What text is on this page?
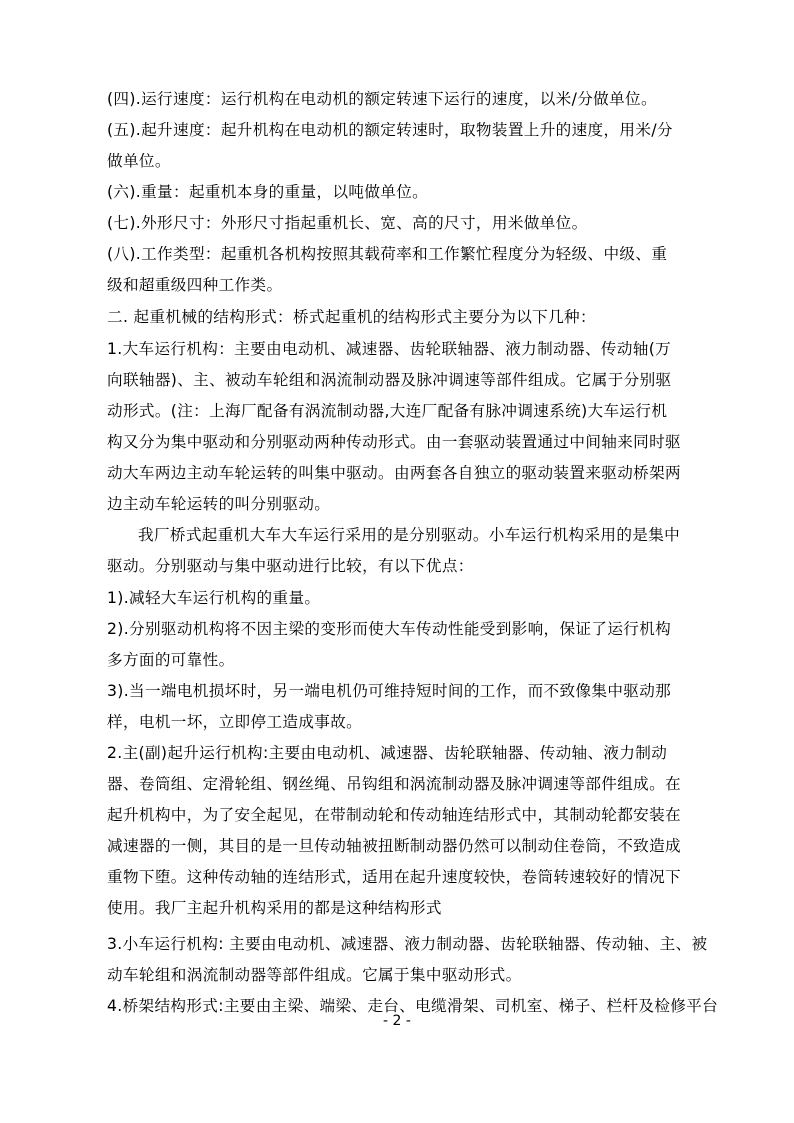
(四).运行速度：运行机构在电动机的额定转速下运行的速度，以米/分做单位。
(五).起升速度：起升机构在电动机的额定转速时，取物装置上升的速度，用米/分
做单位。
(六).重量：起重机本身的重量，以吨做单位。
(七).外形尺寸：外形尺寸指起重机长、宽、高的尺寸，用米做单位。
(八).工作类型：起重机各机构按照其载荷率和工作繁忙程度分为轻级、中级、重
级和超重级四种工作类。
二. 起重机械的结构形式：桥式起重机的结构形式主要分为以下几种：
1.大车运行机构：主要由电动机、减速器、齿轮联轴器、液力制动器、传动轴(万
向联轴器)、主、被动车轮组和涡流制动器及脉冲调速等部件组成。它属于分别驱
动形式。(注：上海厂配备有涡流制动器,大连厂配备有脉冲调速系统)大车运行机
构又分为集中驱动和分别驱动两种传动形式。由一套驱动装置通过中间轴来同时驱
动大车两边主动车轮运转的叫集中驱动。由两套各自独立的驱动装置来驱动桥架两
边主动车轮运转的叫分别驱动。
我厂桥式起重机大车大车运行采用的是分别驱动。小车运行机构采用的是集中
驱动。分别驱动与集中驱动进行比较，有以下优点：
1).减轻大车运行机构的重量。
2).分别驱动机构将不因主梁的变形而使大车传动性能受到影响，保证了运行机构
多方面的可靠性。
3).当一端电机损坏时，另一端电机仍可维持短时间的工作，而不致像集中驱动那
样，电机一坏，立即停工造成事故。
2.主(副)起升运行机构:主要由电动机、减速器、齿轮联轴器、传动轴、液力制动
器、卷筒组、定滑轮组、钢丝绳、吊钩组和涡流制动器及脉冲调速等部件组成。在
起升机构中，为了安全起见，在带制动轮和传动轴连结形式中，其制动轮都安装在
减速器的一侧，其目的是一旦传动轴被扭断制动器仍然可以制动住卷筒，不致造成
重物下堕。这种传动轴的连结形式，适用在起升速度较快，卷筒转速较好的情况下
使用。我厂主起升机构采用的都是这种结构形式
3.小车运行机构: 主要由电动机、减速器、液力制动器、齿轮联轴器、传动轴、主、被
动车轮组和涡流制动器等部件组成。它属于集中驱动形式。
4.桥架结构形式:主要由主梁、端梁、走台、电缆滑架、司机室、梯子、栏杆及检修平台
- 2 -
